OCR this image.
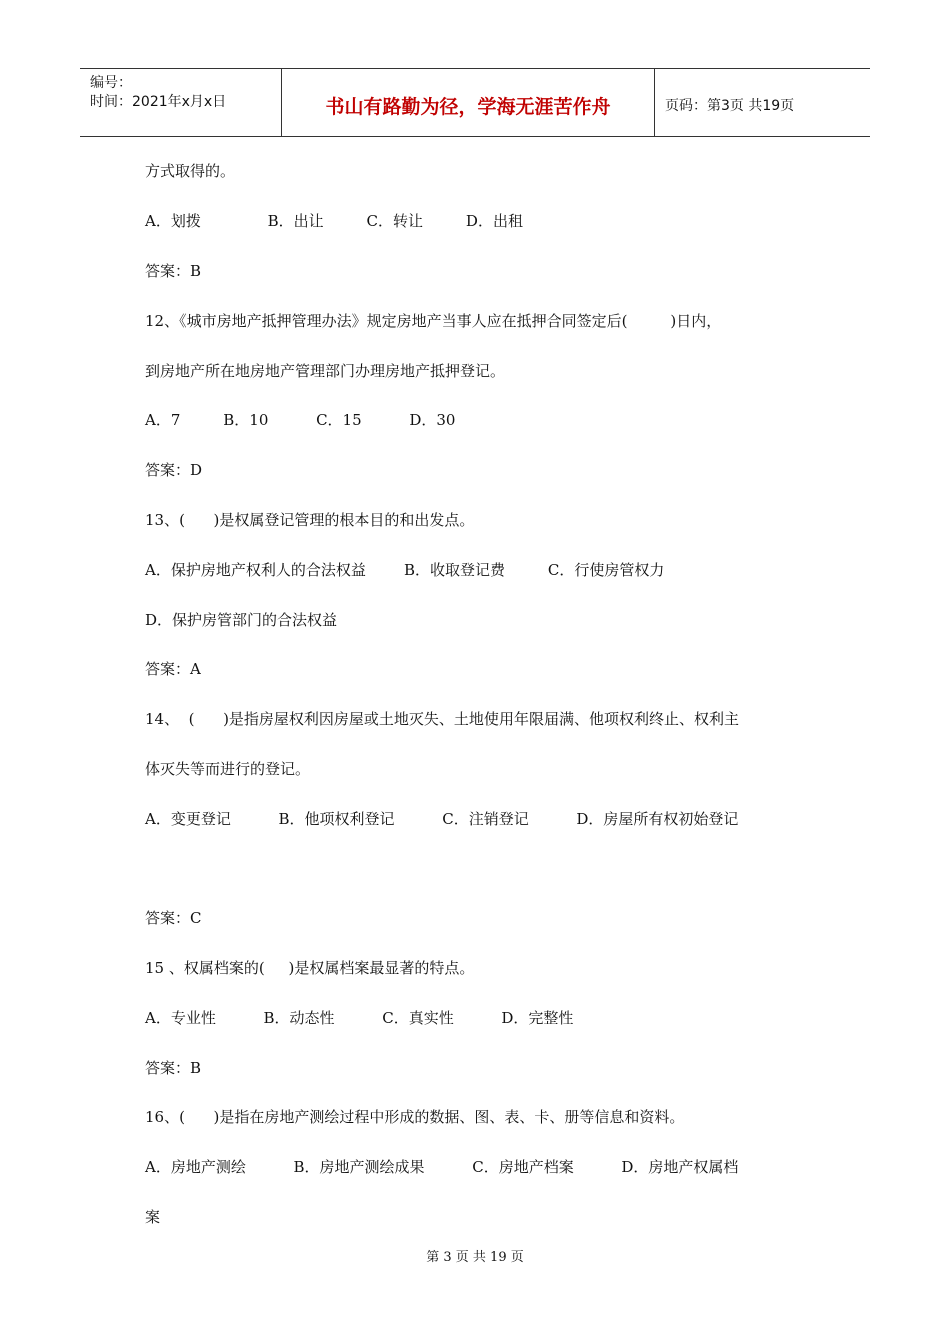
编号：
时间：2021年x月x日	书山有路勤为径，学海无涯苦作舟	页码：第3页 共19页
方式取得的。
A．划拨              B．出让         C．转让         D．出租
答案：B
12、《城市房地产抵押管理办法》规定房地产当事人应在抵押合同签定后(         )日内，
到房地产所在地房地产管理部门办理房地产抵押登记。
A．7         B．10          C．15          D．30
答案：D
13、(      )是权属登记管理的根本目的和出发点。
A．保护房地产权利人的合法权益        B．收取登记费         C．行使房管权力
D．保护房管部门的合法权益
答案：A
14、  (      )是指房屋权利因房屋或土地灭失、土地使用年限届满、他项权利终止、权利主
体灭失等而进行的登记。
A．变更登记          B．他项权利登记          C．注销登记          D．房屋所有权初始登记
答案：C
15 、权属档案的(     )是权属档案最显著的特点。
A．专业性          B．动态性          C．真实性          D．完整性
答案：B
16、(      )是指在房地产测绘过程中形成的数据、图、表、卡、册等信息和资料。
A．房地产测绘          B．房地产测绘成果          C．房地产档案          D．房地产权属档
案
第 3 页 共 19 页
